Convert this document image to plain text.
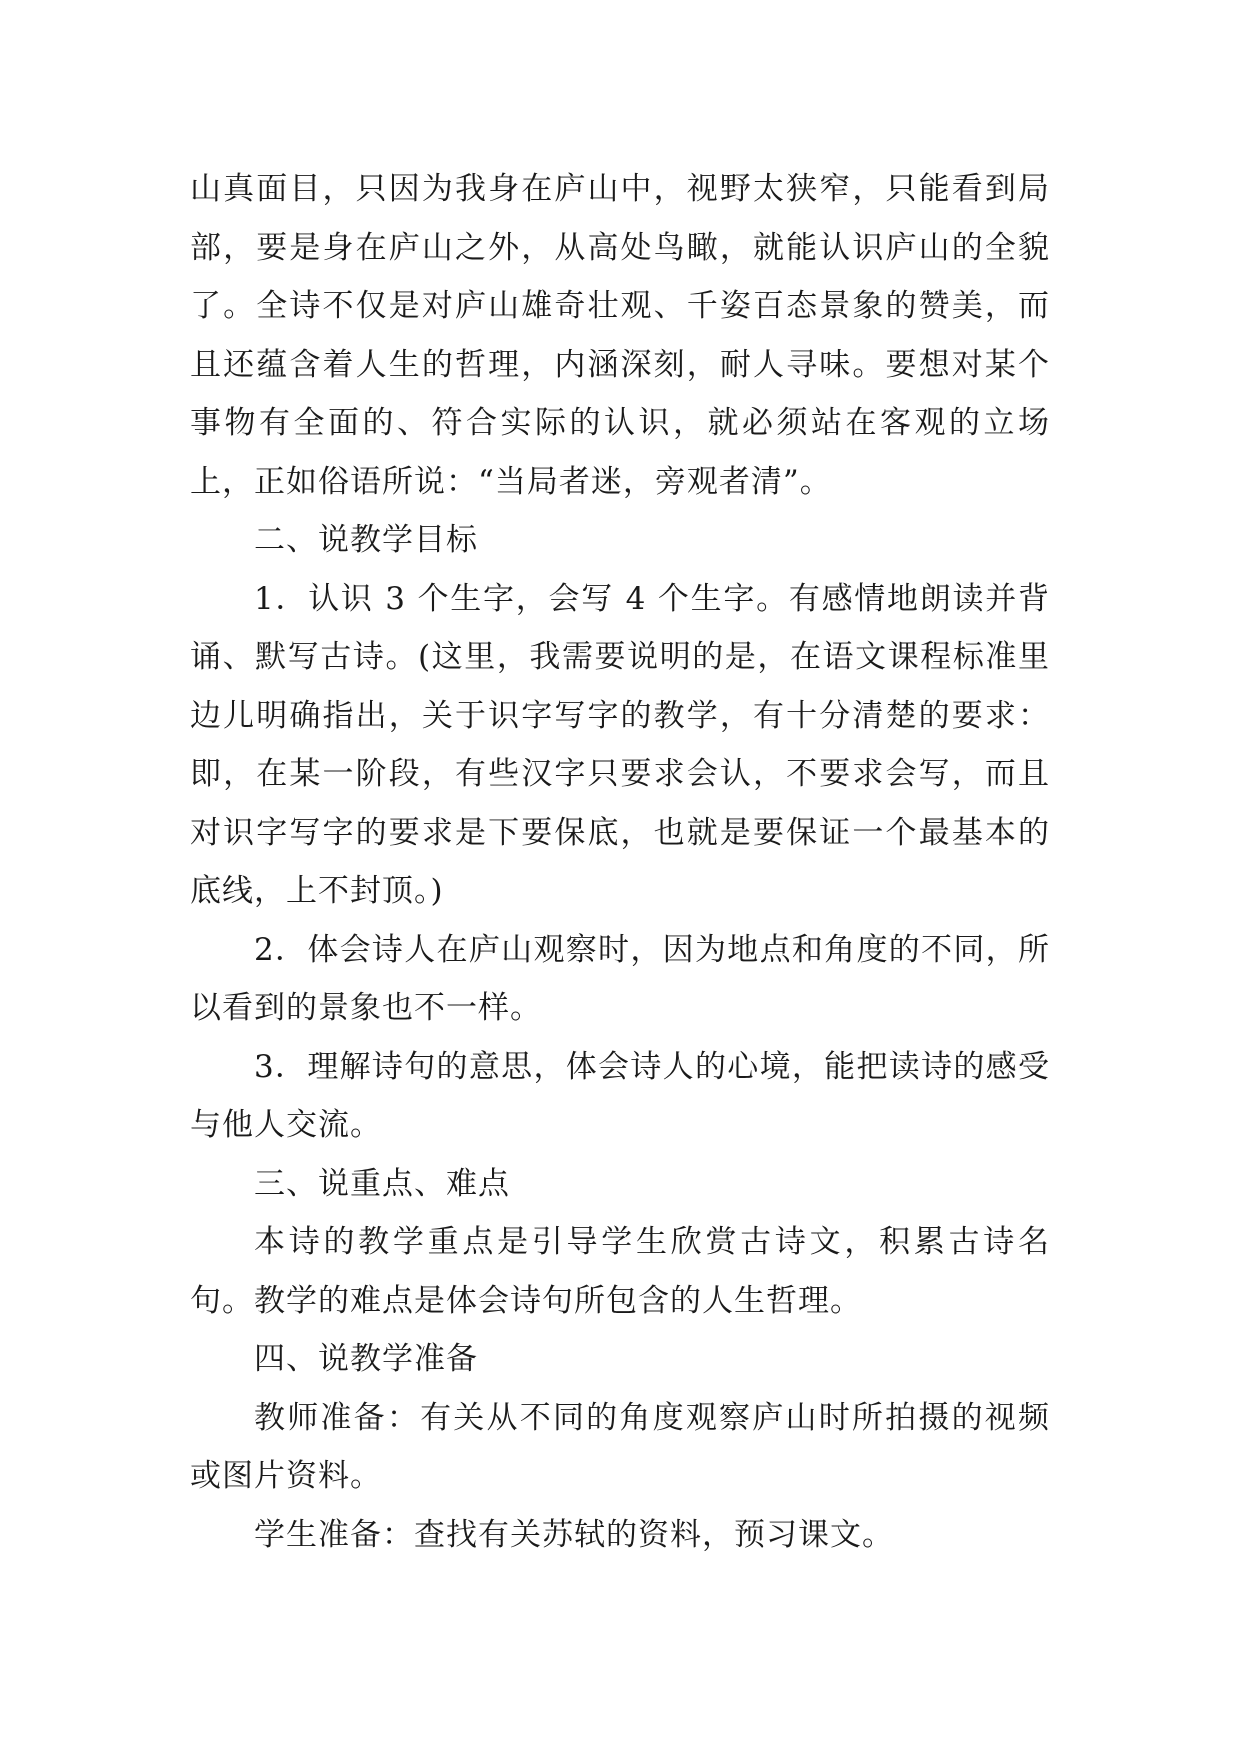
山真面目，只因为我身在庐山中，视野太狭窄，只能看到局部，要是身在庐山之外，从高处鸟瞰，就能认识庐山的全貌了。全诗不仅是对庐山雄奇壮观、千姿百态景象的赞美，而且还蕴含着人生的哲理，内涵深刻，耐人寻味。要想对某个事物有全面的、符合实际的认识，就必须站在客观的立场上，正如俗语所说：“当局者迷，旁观者清”。

二、说教学目标

1．认识 3 个生字，会写 4 个生字。有感情地朗读并背诵、默写古诗。(这里，我需要说明的是，在语文课程标准里边儿明确指出，关于识字写字的教学，有十分清楚的要求：即，在某一阶段，有些汉字只要求会认，不要求会写，而且对识字写字的要求是下要保底，也就是要保证一个最基本的底线，上不封顶。)

2．体会诗人在庐山观察时，因为地点和角度的不同，所以看到的景象也不一样。

3．理解诗句的意思，体会诗人的心境，能把读诗的感受与他人交流。

三、说重点、难点

本诗的教学重点是引导学生欣赏古诗文，积累古诗名句。教学的难点是体会诗句所包含的人生哲理。

四、说教学准备

教师准备：有关从不同的角度观察庐山时所拍摄的视频或图片资料。

学生准备：查找有关苏轼的资料，预习课文。
